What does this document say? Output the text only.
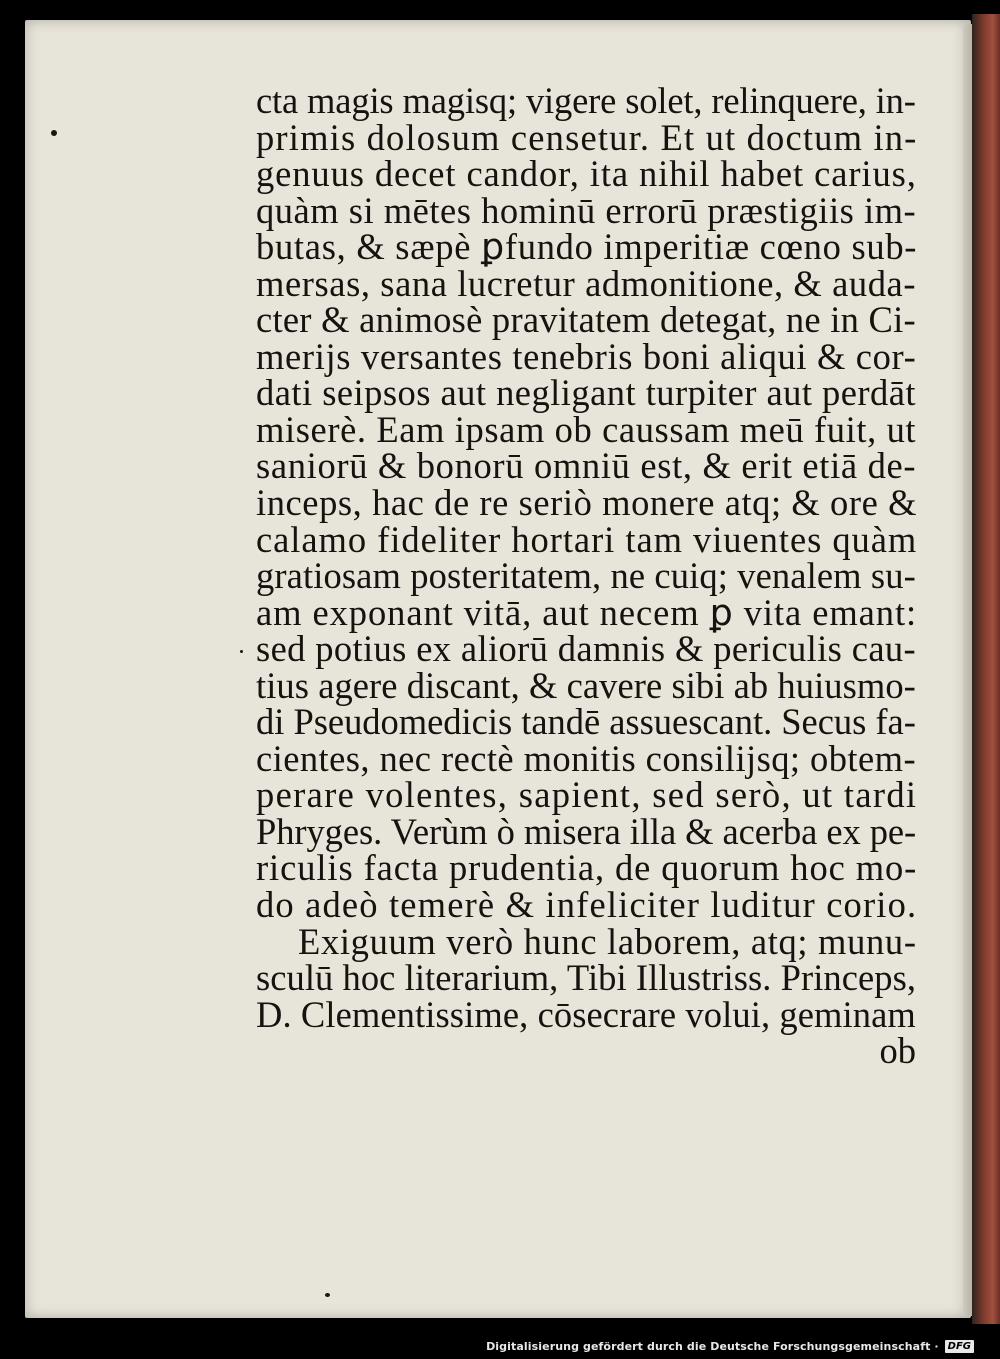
cta magis magisq; vigere solet, relinquere, in-
primis dolosum censetur. Et ut doctum in-
genuus decet candor, ita nihil habet carius,
quàm si mētes hominū errorū præstigiis im-
butas, & sæpè ꝑfundo imperitiæ cœno sub-
mersas, sana lucretur admonitione, & auda-
cter & animosè pravitatem detegat, ne in Ci-
merijs versantes tenebris boni aliqui & cor-
dati seipsos aut negligant turpiter aut perdāt
miserè. Eam ipsam ob caussam meū fuit, ut
saniorū & bonorū omniū est, & erit etiā de-
inceps, hac de re seriò monere atq; & ore &
calamo fideliter hortari tam viuentes quàm
gratiosam posteritatem, ne cuiq; venalem su-
am exponant vitā, aut necem ꝑ vita emant:
sed potius ex aliorū damnis & periculis cau-
tius agere discant, & cavere sibi ab huiusmo-
di Pseudomedicis tandē assuescant. Secus fa-
cientes, nec rectè monitis consilijsq; obtem-
perare volentes, sapient, sed serò, ut tardi
Phryges. Verùm ò misera illa & acerba ex pe-
riculis facta prudentia, de quorum hoc mo-
do adeò temerè & infeliciter luditur corio.
Exiguum verò hunc laborem, atq; munu-
sculū hoc literarium, Tibi Illustriss. Princeps,
D. Clementissime, cōsecrare volui, geminam
ob
Digitalisierung gefördert durch die Deutsche Forschungsgemeinschaft · DFG
